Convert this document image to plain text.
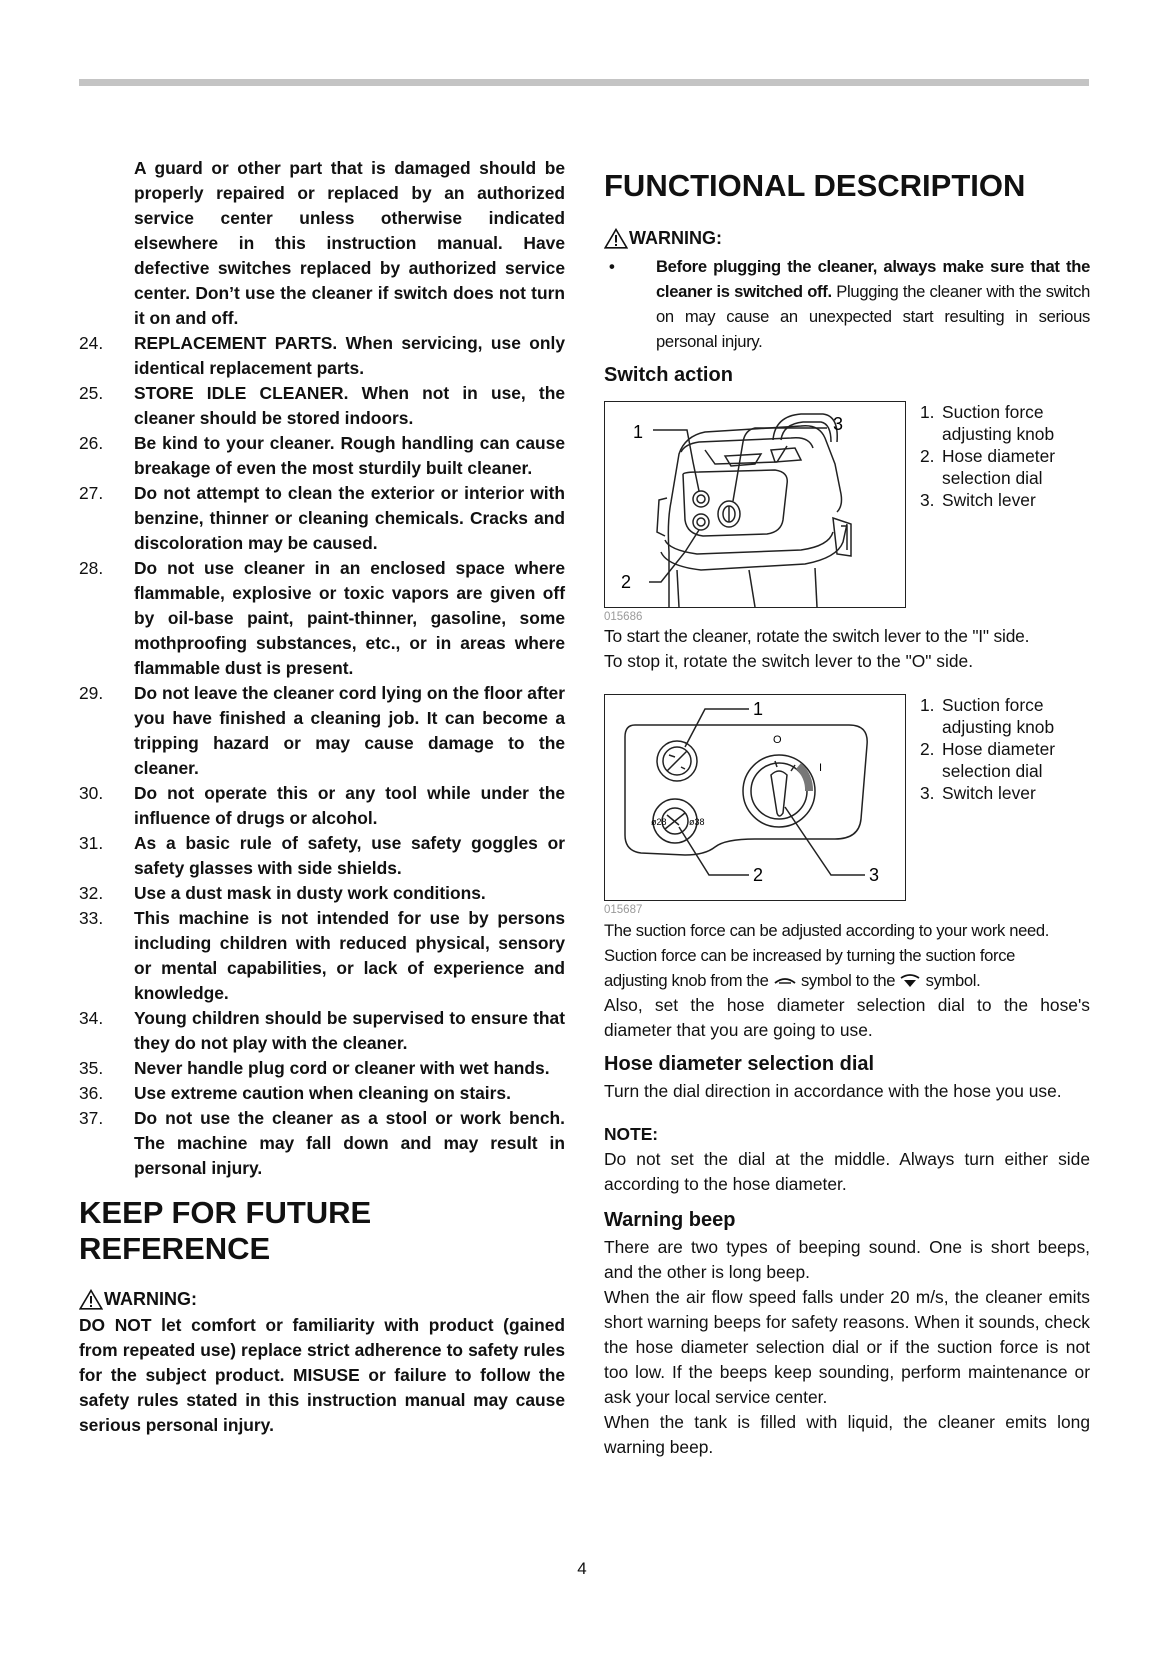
A guard or other part that is damaged should be properly repaired or replaced by an authorized service center unless otherwise indicated elsewhere in this instruction manual. Have defective switches replaced by authorized service center. Don’t use the cleaner if switch does not turn it on and off.

24.	REPLACEMENT PARTS. When servicing, use only identical replacement parts.
25.	STORE IDLE CLEANER. When not in use, the cleaner should be stored indoors.
26.	Be kind to your cleaner. Rough handling can cause breakage of even the most sturdily built cleaner.
27.	Do not attempt to clean the exterior or interior with benzine, thinner or cleaning chemicals. Cracks and discoloration may be caused.
28.	Do not use cleaner in an enclosed space where flammable, explosive or toxic vapors are given off by oil-base paint, paint-thinner, gasoline, some mothproofing substances, etc., or in areas where flammable dust is present.
29.	Do not leave the cleaner cord lying on the floor after you have finished a cleaning job. It can become a tripping hazard or may cause damage to the cleaner.
30.	Do not operate this or any tool while under the influence of drugs or alcohol.
31.	As a basic rule of safety, use safety goggles or safety glasses with side shields.
32.	Use a dust mask in dusty work conditions.
33.	This machine is not intended for use by persons including children with reduced physical, sensory or mental capabilities, or lack of experience and knowledge.
34.	Young children should be supervised to ensure that they do not play with the cleaner.
35.	Never handle plug cord or cleaner with wet hands.
36.	Use extreme caution when cleaning on stairs.
37.	Do not use the cleaner as a stool or work bench. The machine may fall down and may result in personal injury.
KEEP FOR FUTURE
REFERENCE
WARNING:

DO NOT let comfort or familiarity with product (gained from repeated use) replace strict adherence to safety rules for the subject product. MISUSE or failure to follow the safety rules stated in this instruction manual may cause serious personal injury.

FUNCTIONAL DESCRIPTION
WARNING:
•	Before plugging the cleaner, always make sure that the cleaner is switched off. Plugging the cleaner with the switch on may cause an unexpected start resulting in serious personal injury.
Switch action
1
2
3
1. Suction force adjusting knob
2. Hose diameter selection dial
3. Switch lever
015686

To start the cleaner, rotate the switch lever to the "I" side.

To stop it, rotate the switch lever to the "O" side.

O
I
ø28 ø38
1
2	3
1. Suction force adjusting knob
2. Hose diameter selection dial
3. Switch lever
015687

The suction force can be adjusted according to your work need.

Suction force can be increased by turning the suction force

adjusting knob from the symbol to the symbol.

Also, set the hose diameter selection dial to the hose's diameter that you are going to use.

Hose diameter selection dial

Turn the dial direction in accordance with the hose you use.

NOTE:

Do not set the dial at the middle. Always turn either side according to the hose diameter.

Warning beep

There are two types of beeping sound. One is short beeps, and the other is long beep.

When the air flow speed falls under 20 m/s, the cleaner emits short warning beeps for safety reasons. When it sounds, check the hose diameter selection dial or if the suction force is not too low. If the beeps keep sounding, perform maintenance or ask your local service center.

When the tank is filled with liquid, the cleaner emits long warning beep.

4
